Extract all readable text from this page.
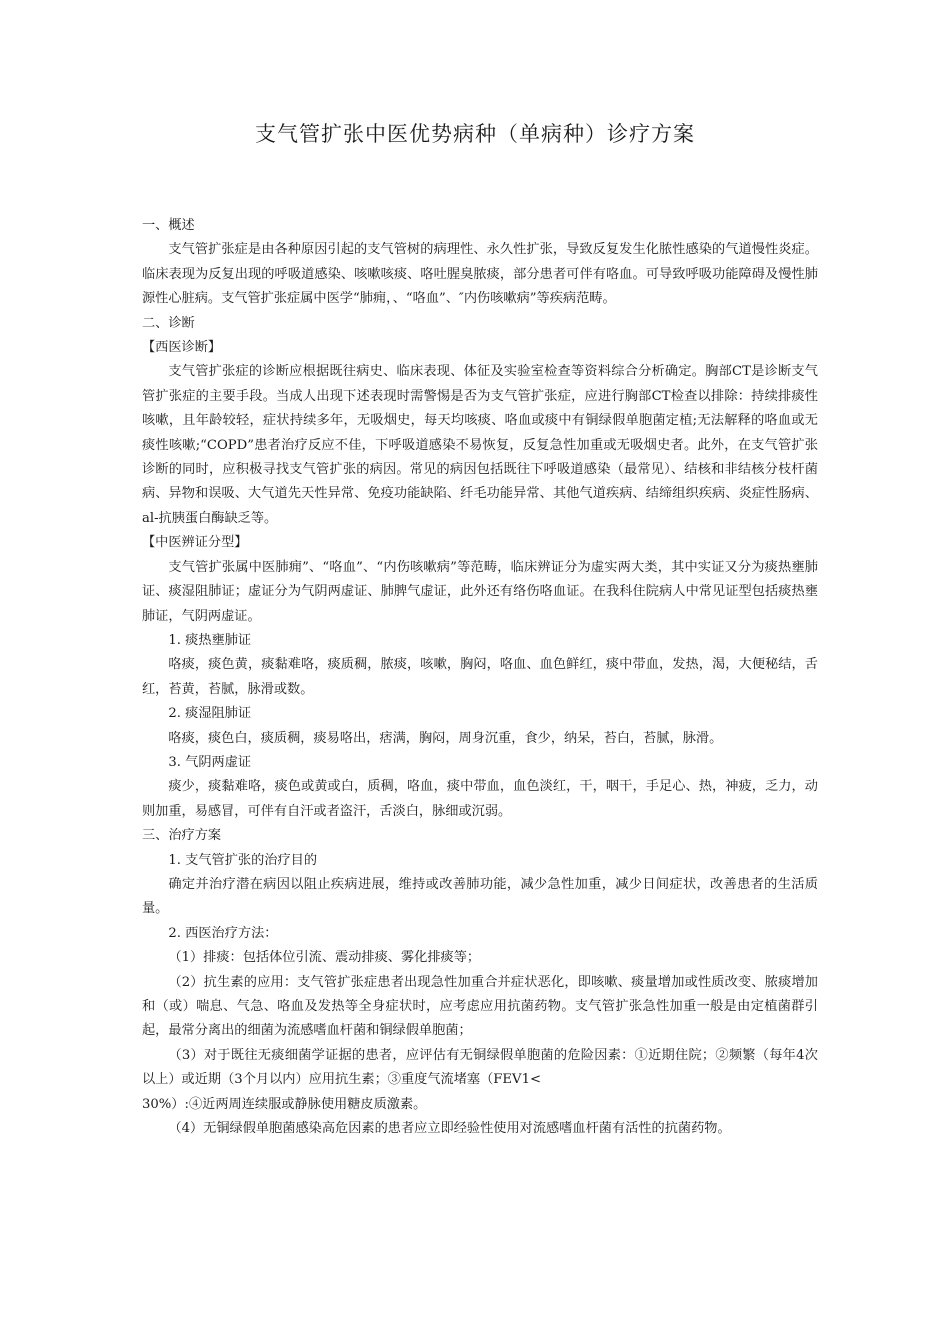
支气管扩张中医优势病种（单病种）诊疗方案

一、概述

支气管扩张症是由各种原因引起的支气管树的病理性、永久性扩张，导致反复发生化脓性感染的气道慢性炎症。临床表现为反复出现的呼吸道感染、咳嗽咳痰、咯吐腥臭脓痰，部分患者可伴有咯血。可导致呼吸功能障碍及慢性肺源性心脏病。支气管扩张症属中医学“肺痈，、“咯血”、″内伤咳嗽病”等疾病范畴。

二、诊断

【西医诊断】

支气管扩张症的诊断应根据既往病史、临床表现、体征及实验室检查等资料综合分析确定。胸部CT是诊断支气管扩张症的主要手段。当成人出现下述表现时需警惕是否为支气管扩张症，应进行胸部CT检查以排除：持续排痰性咳嗽，且年龄较轻，症状持续多年，无吸烟史，每天均咳痰、咯血或痰中有铜绿假单胞菌定植;无法解释的咯血或无痰性咳嗽;“COPD”患者治疗反应不佳，下呼吸道感染不易恢复，反复急性加重或无吸烟史者。此外，在支气管扩张诊断的同时，应积极寻找支气管扩张的病因。常见的病因包括既往下呼吸道感染（最常见）、结核和非结核分枝杆菌病、异物和误吸、大气道先天性异常、免疫功能缺陷、纤毛功能异常、其他气道疾病、结缔组织疾病、炎症性肠病、al-抗胰蛋白酶缺乏等。

【中医辨证分型】

支气管扩张属中医肺痈”、“咯血”、“内伤咳嗽病”等范畴，临床辨证分为虚实两大类，其中实证又分为痰热壅肺证、痰湿阻肺证；虚证分为气阴两虚证、肺脾气虚证，此外还有络伤咯血证。在我科住院病人中常见证型包括痰热壅肺证，气阴两虚证。

1. 痰热壅肺证

咯痰，痰色黄，痰黏难咯，痰质稠，脓痰，咳嗽，胸闷，咯血、血色鲜红，痰中带血，发热，渴，大便秘结，舌红，苔黄，苔腻，脉滑或数。

2. 痰湿阻肺证

咯痰，痰色白，痰质稠，痰易咯出，痞满，胸闷，周身沉重，食少，纳呆，苔白，苔腻，脉滑。

3. 气阴两虚证

痰少，痰黏难咯，痰色或黄或白，质稠，咯血，痰中带血，血色淡红，干，咽干，手足心、热，神疲，乏力，动则加重，易感冒，可伴有自汗或者盗汗，舌淡白，脉细或沉弱。

三、治疗方案

1. 支气管扩张的治疗目的

确定并治疗潜在病因以阻止疾病进展，维持或改善肺功能，减少急性加重，减少日间症状，改善患者的生活质量。

2. 西医治疗方法：

（1）排痰：包括体位引流、震动排痰、雾化排痰等；

（2）抗生素的应用：支气管扩张症患者出现急性加重合并症状恶化，即咳嗽、痰量增加或性质改变、脓痰增加和（或）喘息、气急、咯血及发热等全身症状时，应考虑应用抗菌药物。支气管扩张急性加重一般是由定植菌群引起，最常分离出的细菌为流感嗜血杆菌和铜绿假单胞菌；

（3）对于既往无痰细菌学证据的患者，应评估有无铜绿假单胞菌的危险因素：①近期住院；②频繁（每年4次以上）或近期（3个月以内）应用抗生素；③重度气流堵塞（FEV1<

30%）:④近两周连续服或静脉使用糖皮质激素。

（4）无铜绿假单胞菌感染高危因素的患者应立即经验性使用对流感嗜血杆菌有活性的抗菌药物。
